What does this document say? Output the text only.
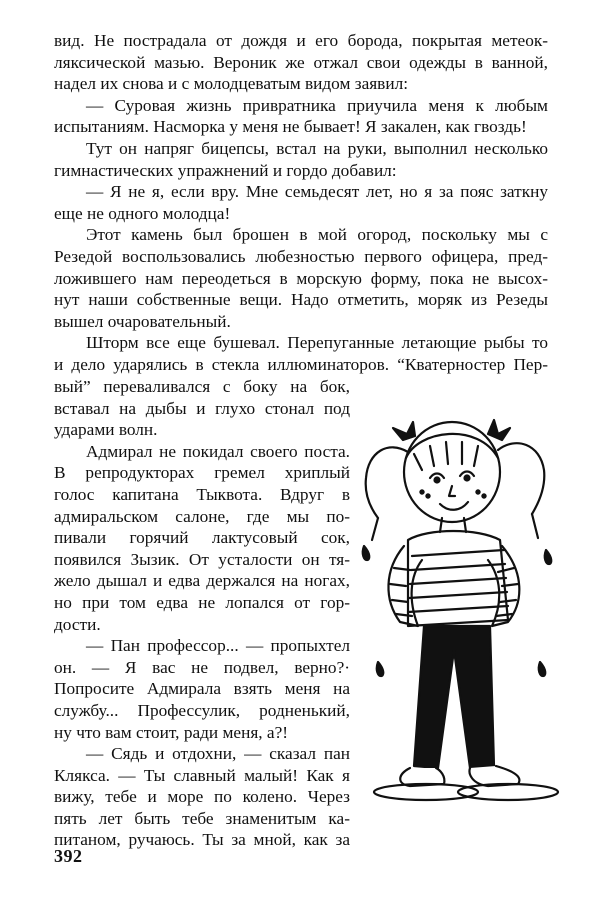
вид. Не пострадала от дождя и его борода, покрытая метеок-
ляксической мазью. Вероник же отжал свои одежды в ванной,
надел их снова и с молодцеватым видом заявил:
— Суровая жизнь привратника приучила меня к любым
испытаниям. Насморка у меня не бывает! Я закален, как гвоздь!
Тут он напряг бицепсы, встал на руки, выполнил несколько
гимнастических упражнений и гордо добавил:
— Я не я, если вру. Мне семьдесят лет, но я за пояс заткну
еще не одного молодца!
Этот камень был брошен в мой огород, поскольку мы с
Резедой воспользовались любезностью первого офицера, пред-
ложившего нам переодеться в морскую форму, пока не высох-
нут наши собственные вещи. Надо отметить, моряк из Резеды
вышел очаровательный.
Шторм все еще бушевал. Перепуганные летающие рыбы то
и дело ударялись в стекла иллюминаторов. “Кватерностер Пер-
вый” переваливался с боку на бок,
вставал на дыбы и глухо стонал под
ударами волн.
Адмирал не покидал своего поста.
В репродукторах гремел хриплый
голос капитана Тыквота. Вдруг в
адмиральском салоне, где мы по-
пивали горячий лактусовый сок,
появился Зызик. От усталости он тя-
жело дышал и едва держался на ногах,
но при том едва не лопался от гор-
дости.
— Пан профессор... — пропыхтел
он. — Я вас не подвел, верно?·
Попросите Адмирала взять меня на
службу... Профессулик, родненький,
ну что вам стоит, ради меня, а?!
— Сядь и отдохни, — сказал пан
Клякса. — Ты славный малый! Как я
вижу, тебе и море по колено. Через
пять лет быть тебе знаменитым ка-
питаном, ручаюсь. Ты за мной, как за
392
